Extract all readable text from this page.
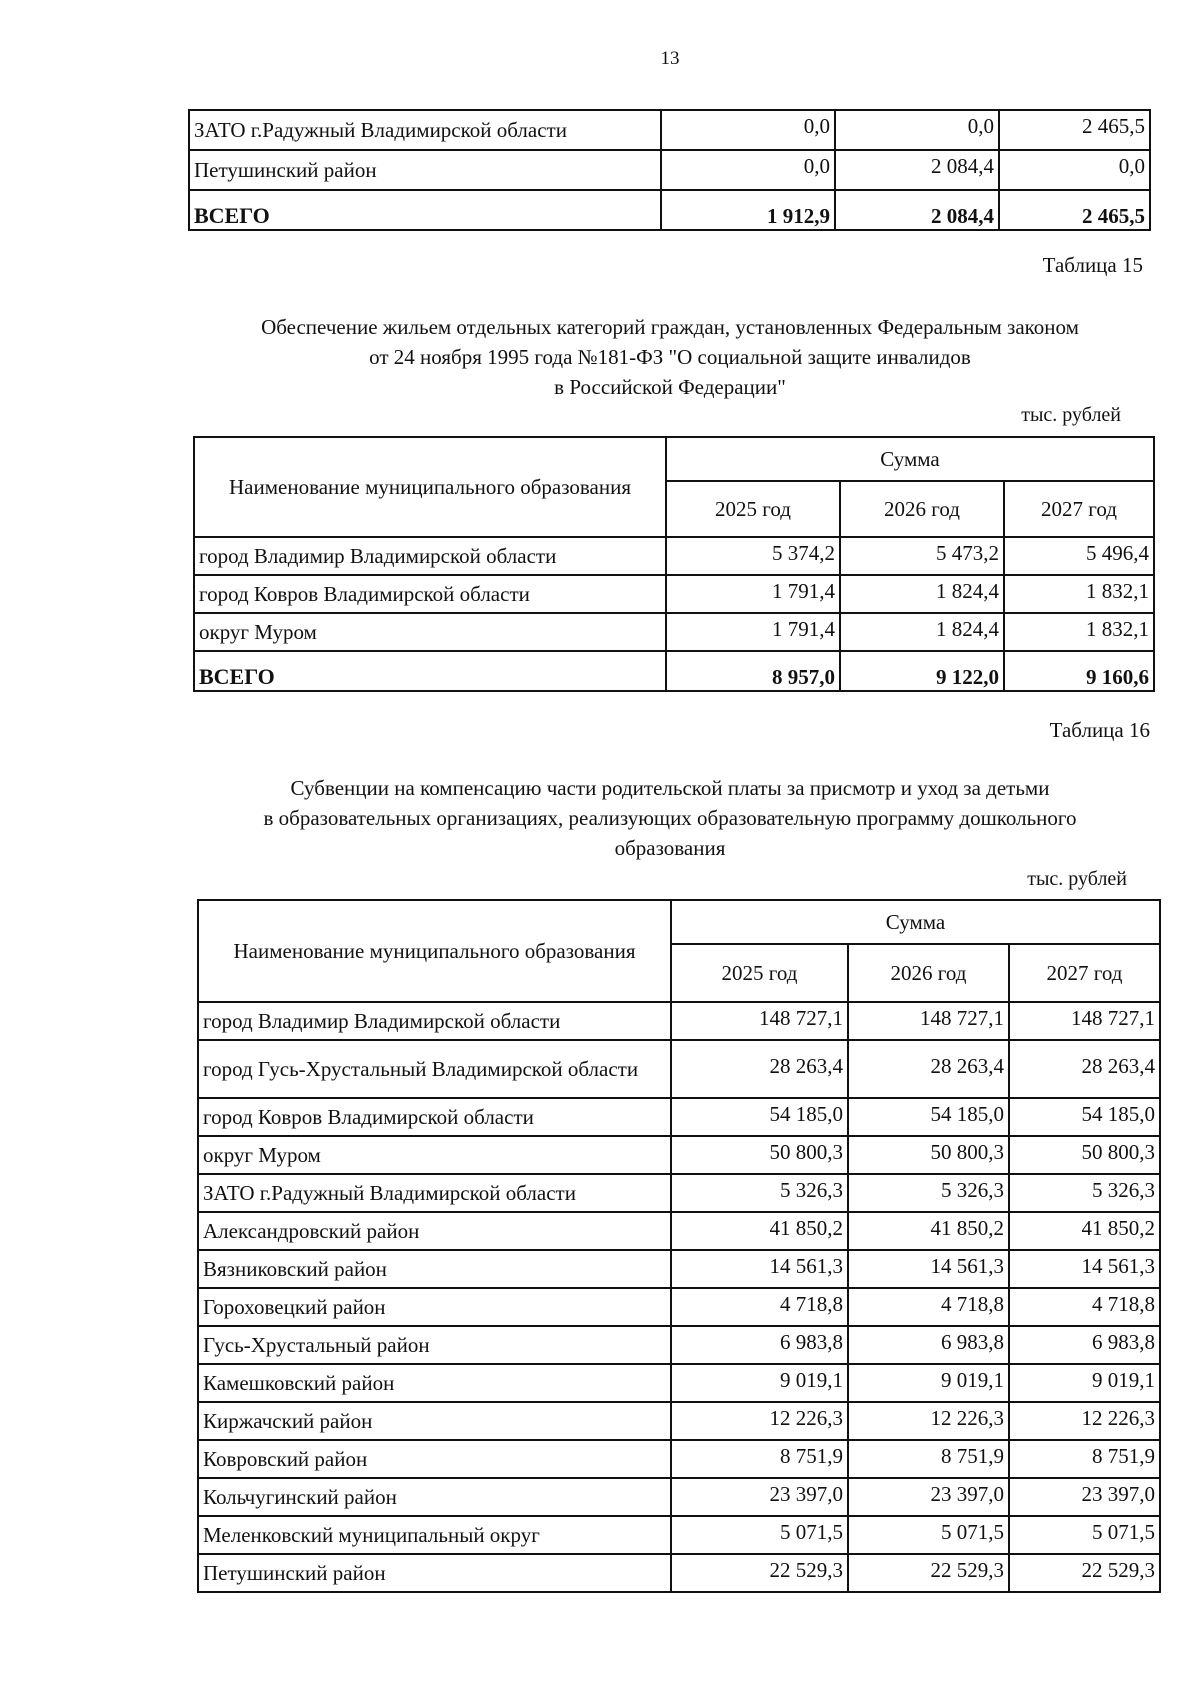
13
ЗАТО г.Радужный Владимирской области	0,0	0,0	2 465,5
Петушинский район	0,0	2 084,4	0,0
ВСЕГО	1 912,9	2 084,4	2 465,5
Таблица 15
Обеспечение жильем отдельных категорий граждан, установленных Федеральным законом
от 24 ноября 1995 года №181-ФЗ "О социальной защите инвалидов
в Российской Федерации"
тыс. рублей
Наименование муниципального образования	Сумма		
	2025 год	2026 год	2027 год
город Владимир Владимирской области	5 374,2	5 473,2	5 496,4
город Ковров Владимирской области	1 791,4	1 824,4	1 832,1
округ Муром	1 791,4	1 824,4	1 832,1
ВСЕГО	8 957,0	9 122,0	9 160,6
Таблица 16
Субвенции на компенсацию части родительской платы за присмотр и уход за детьми
в образовательных организациях, реализующих образовательную программу дошкольного
образования
тыс. рублей
Наименование муниципального образования	Сумма		
	2025 год	2026 год	2027 год
город Владимир Владимирской области	148 727,1	148 727,1	148 727,1
город Гусь-Хрустальный Владимирской области	28 263,4	28 263,4	28 263,4
город Ковров Владимирской области	54 185,0	54 185,0	54 185,0
округ Муром	50 800,3	50 800,3	50 800,3
ЗАТО г.Радужный Владимирской области	5 326,3	5 326,3	5 326,3
Александровский район	41 850,2	41 850,2	41 850,2
Вязниковский район	14 561,3	14 561,3	14 561,3
Гороховецкий район	4 718,8	4 718,8	4 718,8
Гусь-Хрустальный район	6 983,8	6 983,8	6 983,8
Камешковский район	9 019,1	9 019,1	9 019,1
Киржачский район	12 226,3	12 226,3	12 226,3
Ковровский район	8 751,9	8 751,9	8 751,9
Кольчугинский район	23 397,0	23 397,0	23 397,0
Меленковский муниципальный округ	5 071,5	5 071,5	5 071,5
Петушинский район	22 529,3	22 529,3	22 529,3
